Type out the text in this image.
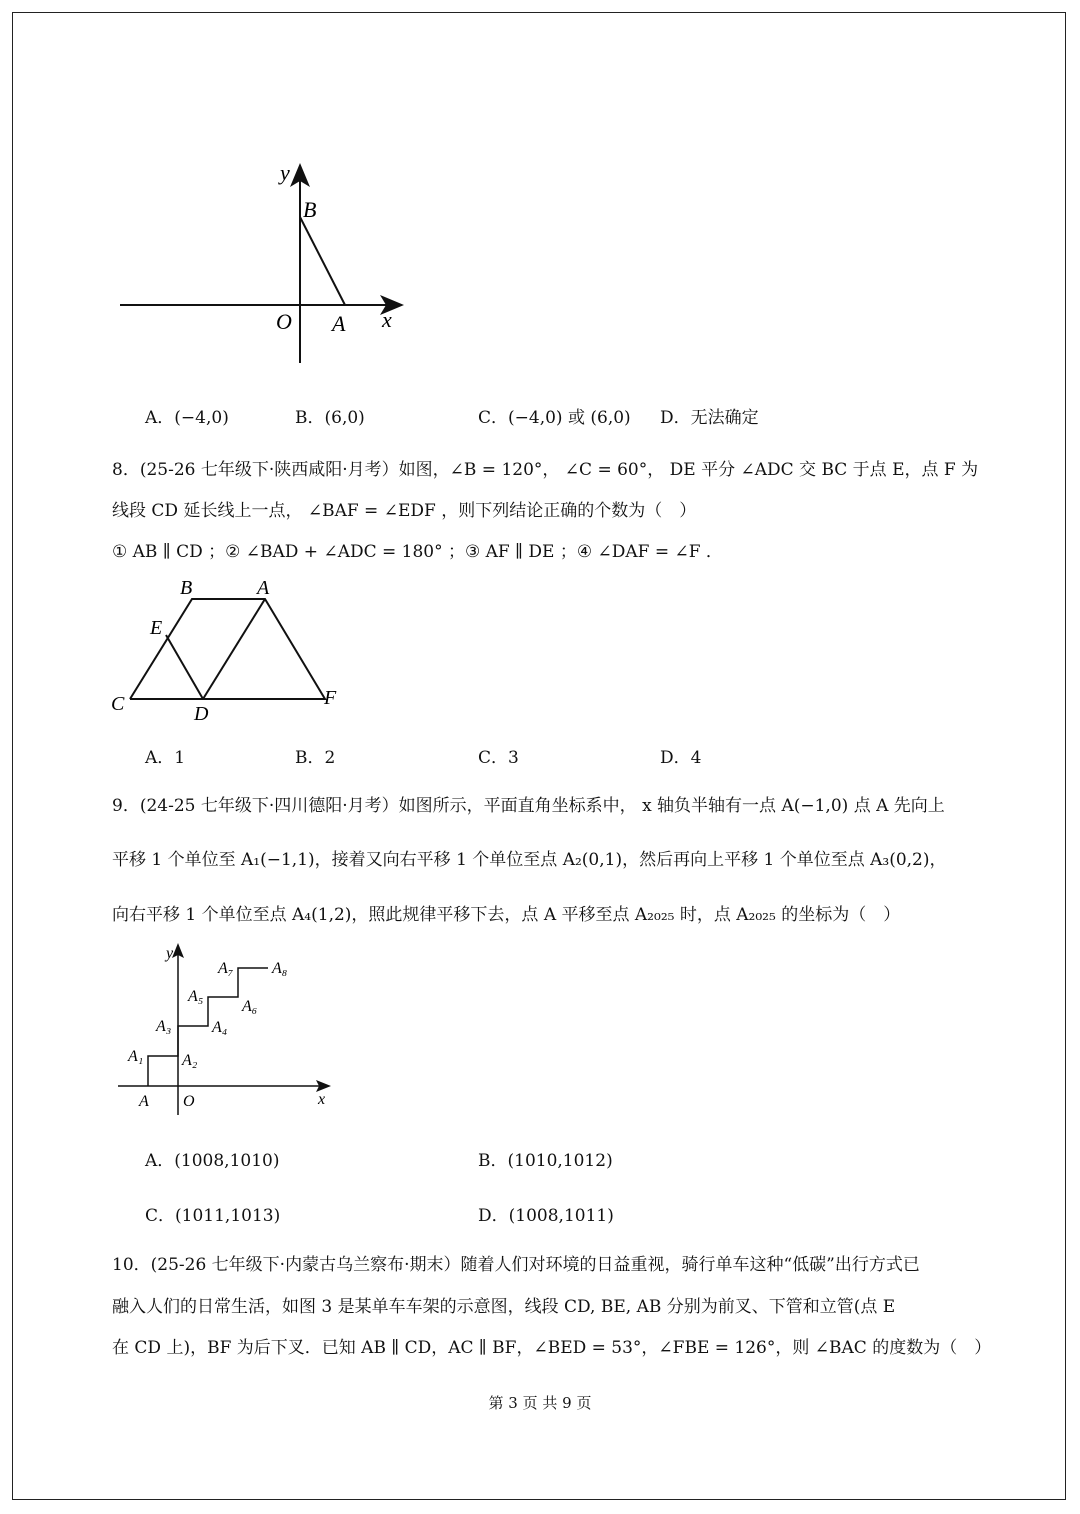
y
B
O A x
A．(−4,0)	B．(6,0)	C．(−4,0) 或 (6,0) D．无法确定
8．(25-26 七年级下·陕西咸阳·月考）如图，∠B = 120°， ∠C = 60°， DE 平分 ∠ADC 交 BC 于点 E，点 F 为
线段 CD 延长线上一点， ∠BAF = ∠EDF ，则下列结论正确的个数为（　）
① AB ∥ CD ；② ∠BAD + ∠ADC = 180° ；③ AF ∥ DE ；④ ∠DAF = ∠F ．
B	A
E
C	D
F
A．1	B．2	C．3	D．4
9．(24-25 七年级下·四川德阳·月考）如图所示，平面直角坐标系中， x 轴负半轴有一点 A(−1,0) 点 A 先向上
平移 1 个单位至 A₁(−1,1)，接着又向右平移 1 个单位至点 A₂(0,1)，然后再向上平移 1 个单位至点 A₃(0,2)，
向右平移 1 个单位至点 A₄(1,2)，照此规律平移下去，点 A 平移至点 A₂₀₂₅ 时，点 A₂₀₂₅ 的坐标为（　）
y
x
O
A
A₁ A₂
A₃	A₄
A₅
A₆
A₇ A₈
A．(1008,1010)	B．(1010,1012)
C．(1011,1013)	D．(1008,1011)
10．(25-26 七年级下·内蒙古乌兰察布·期末）随着人们对环境的日益重视，骑行单车这种“低碳”出行方式已
融入人们的日常生活，如图 3 是某单车车架的示意图，线段 CD, BE, AB 分别为前叉、下管和立管(点 E
在 CD 上)，BF 为后下叉．已知 AB ∥ CD，AC ∥ BF，∠BED = 53°，∠FBE = 126°，则 ∠BAC 的度数为（　）
第 3 页 共 9 页
